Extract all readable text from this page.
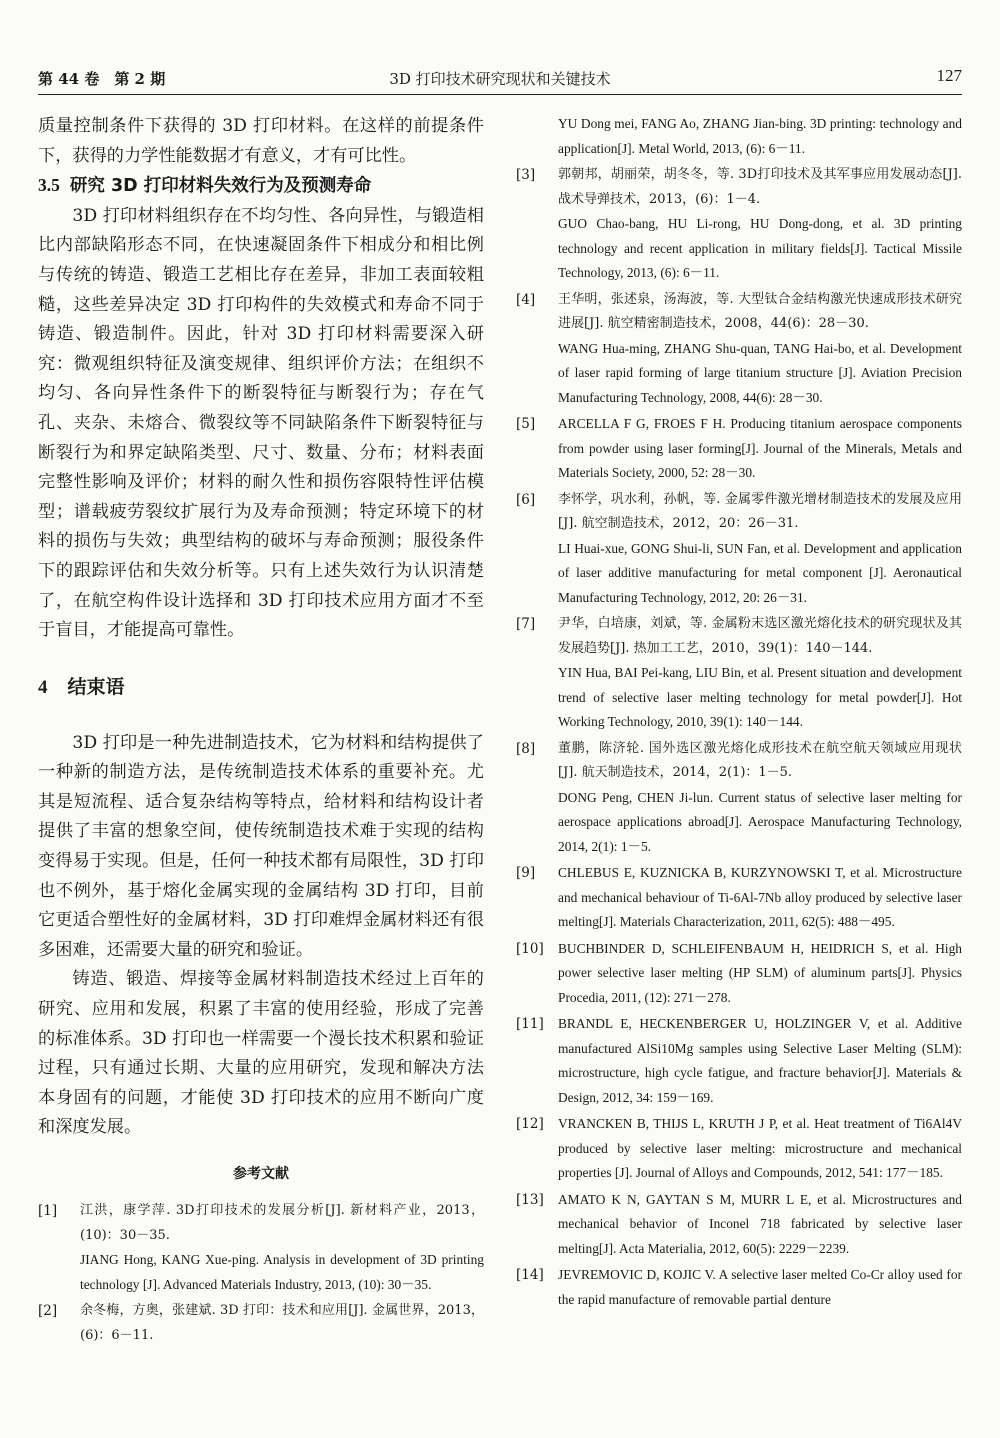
第 44 卷　第 2 期	3D 打印技术研究现状和关键技术	127

质量控制条件下获得的 3D 打印材料。在这样的前提条件下，获得的力学性能数据才有意义，才有可比性。

3.5 研究 3D 打印材料失效行为及预测寿命

3D 打印材料组织存在不均匀性、各向异性，与锻造相比内部缺陷形态不同，在快速凝固条件下相成分和相比例与传统的铸造、锻造工艺相比存在差异，非加工表面较粗糙，这些差异决定 3D 打印构件的失效模式和寿命不同于铸造、锻造制件。因此，针对 3D 打印材料需要深入研究：微观组织特征及演变规律、组织评价方法；在组织不均匀、各向异性条件下的断裂特征与断裂行为；存在气孔、夹杂、未熔合、微裂纹等不同缺陷条件下断裂特征与断裂行为和界定缺陷类型、尺寸、数量、分布；材料表面完整性影响及评价；材料的耐久性和损伤容限特性评估模型；谱载疲劳裂纹扩展行为及寿命预测；特定环境下的材料的损伤与失效；典型结构的破坏与寿命预测；服役条件下的跟踪评估和失效分析等。只有上述失效行为认识清楚了，在航空构件设计选择和 3D 打印技术应用方面才不至于盲目，才能提高可靠性。

4 结束语

3D 打印是一种先进制造技术，它为材料和结构提供了一种新的制造方法，是传统制造技术体系的重要补充。尤其是短流程、适合复杂结构等特点，给材料和结构设计者提供了丰富的想象空间，使传统制造技术难于实现的结构变得易于实现。但是，任何一种技术都有局限性，3D 打印也不例外，基于熔化金属实现的金属结构 3D 打印，目前它更适合塑性好的金属材料，3D 打印难焊金属材料还有很多困难，还需要大量的研究和验证。

铸造、锻造、焊接等金属材料制造技术经过上百年的研究、应用和发展，积累了丰富的使用经验，形成了完善的标准体系。3D 打印也一样需要一个漫长技术积累和验证过程，只有通过长期、大量的应用研究，发现和解决方法本身固有的问题，才能使 3D 打印技术的应用不断向广度和深度发展。

参考文献

[1] 江洪，康学萍. 3D打印技术的发展分析[J]. 新材料产业，2013，(10)：30－35.

JIANG Hong, KANG Xue-ping. Analysis in development of 3D printing technology [J]. Advanced Materials Industry, 2013, (10): 30－35.

[2] 余冬梅，方奥，张建斌. 3D 打印：技术和应用[J]. 金属世界，2013，(6)：6－11.

YU Dong mei, FANG Ao, ZHANG Jian-bing. 3D printing: technology and application[J]. Metal World, 2013, (6): 6－11.

[3] 郭朝邦，胡丽荣，胡冬冬，等. 3D打印技术及其军事应用发展动态[J]. 战术导弹技术，2013，(6)：1－4.

GUO Chao-bang, HU Li-rong, HU Dong-dong, et al. 3D printing technology and recent application in military fields[J]. Tactical Missile Technology, 2013, (6): 6－11.

[4] 王华明，张述泉，汤海波，等. 大型钛合金结构激光快速成形技术研究进展[J]. 航空精密制造技术，2008，44(6)：28－30.

WANG Hua-ming, ZHANG Shu-quan, TANG Hai-bo, et al. Development of laser rapid forming of large titanium structure [J]. Aviation Precision Manufacturing Technology, 2008, 44(6): 28－30.

[5] ARCELLA F G, FROES F H. Producing titanium aerospace components from powder using laser forming[J]. Journal of the Minerals, Metals and Materials Society, 2000, 52: 28－30.

[6] 李怀学，巩水利，孙帆，等. 金属零件激光增材制造技术的发展及应用[J]. 航空制造技术，2012，20：26－31.

LI Huai-xue, GONG Shui-li, SUN Fan, et al. Development and application of laser additive manufacturing for metal component [J]. Aeronautical Manufacturing Technology, 2012, 20: 26－31.

[7] 尹华，白培康，刘斌，等. 金属粉末选区激光熔化技术的研究现状及其发展趋势[J]. 热加工工艺，2010，39(1)：140－144.

YIN Hua, BAI Pei-kang, LIU Bin, et al. Present situation and development trend of selective laser melting technology for metal powder[J]. Hot Working Technology, 2010, 39(1): 140－144.

[8] 董鹏，陈济轮. 国外选区激光熔化成形技术在航空航天领域应用现状[J]. 航天制造技术，2014，2(1)：1－5.

DONG Peng, CHEN Ji-lun. Current status of selective laser melting for aerospace applications abroad[J]. Aerospace Manufacturing Technology, 2014, 2(1): 1－5.

[9] CHLEBUS E, KUZNICKA B, KURZYNOWSKI T, et al. Microstructure and mechanical behaviour of Ti-6Al-7Nb alloy produced by selective laser melting[J]. Materials Characterization, 2011, 62(5): 488－495.

[10] BUCHBINDER D, SCHLEIFENBAUM H, HEIDRICH S, et al. High power selective laser melting (HP SLM) of aluminum parts[J]. Physics Procedia, 2011, (12): 271－278.

[11] BRANDL E, HECKENBERGER U, HOLZINGER V, et al. Additive manufactured AlSi10Mg samples using Selective Laser Melting (SLM): microstructure, high cycle fatigue, and fracture behavior[J]. Materials & Design, 2012, 34: 159－169.

[12] VRANCKEN B, THIJS L, KRUTH J P, et al. Heat treatment of Ti6Al4V produced by selective laser melting: microstructure and mechanical properties [J]. Journal of Alloys and Compounds, 2012, 541: 177－185.

[13] AMATO K N, GAYTAN S M, MURR L E, et al. Microstructures and mechanical behavior of Inconel 718 fabricated by selective laser melting[J]. Acta Materialia, 2012, 60(5): 2229－2239.

[14] JEVREMOVIC D, KOJIC V. A selective laser melted Co-Cr alloy used for the rapid manufacture of removable partial denture
